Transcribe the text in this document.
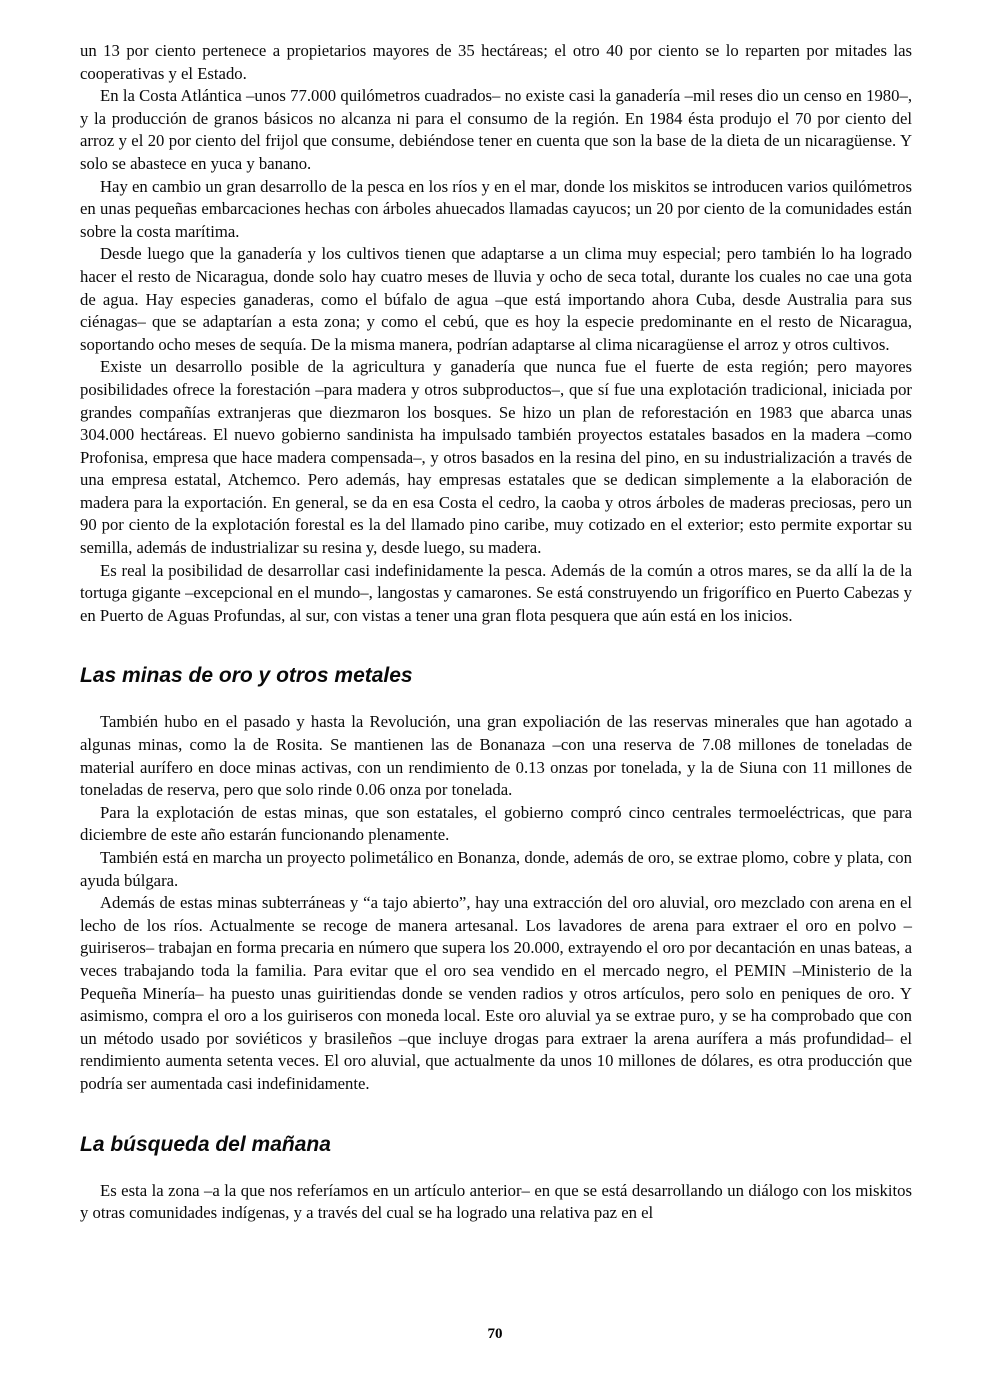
un 13 por ciento pertenece a propietarios mayores de 35 hectáreas; el otro 40 por ciento se lo reparten por mitades las cooperativas y el Estado.

En la Costa Atlántica –unos 77.000 quilómetros cuadrados– no existe casi la ganadería –mil reses dio un censo en 1980–, y la producción de granos básicos no alcanza ni para el consumo de la región. En 1984 ésta produjo el 70 por ciento del arroz y el 20 por ciento del frijol que consume, debiéndose tener en cuenta que son la base de la dieta de un nicaragüense. Y solo se abastece en yuca y banano.

Hay en cambio un gran desarrollo de la pesca en los ríos y en el mar, donde los miskitos se introducen varios quilómetros en unas pequeñas embarcaciones hechas con árboles ahuecados llamadas cayucos; un 20 por ciento de la comunidades están sobre la costa marítima.

Desde luego que la ganadería y los cultivos tienen que adaptarse a un clima muy especial; pero también lo ha logrado hacer el resto de Nicaragua, donde solo hay cuatro meses de lluvia y ocho de seca total, durante los cuales no cae una gota de agua. Hay especies ganaderas, como el búfalo de agua –que está importando ahora Cuba, desde Australia para sus ciénagas– que se adaptarían a esta zona; y como el cebú, que es hoy la especie predominante en el resto de Nicaragua, soportando ocho meses de sequía. De la misma manera, podrían adaptarse al clima nicaragüense el arroz y otros cultivos.

Existe un desarrollo posible de la agricultura y ganadería que nunca fue el fuerte de esta región; pero mayores posibilidades ofrece la forestación –para madera y otros subproductos–, que sí fue una explotación tradicional, iniciada por grandes compañías extranjeras que diezmaron los bosques. Se hizo un plan de reforestación en 1983 que abarca unas 304.000 hectáreas. El nuevo gobierno sandinista ha impulsado también proyectos estatales basados en la madera –como Profonisa, empresa que hace madera compensada–, y otros basados en la resina del pino, en su industrialización a través de una empresa estatal, Atchemco. Pero además, hay empresas estatales que se dedican simplemente a la elaboración de madera para la exportación. En general, se da en esa Costa el cedro, la caoba y otros árboles de maderas preciosas, pero un 90 por ciento de la explotación forestal es la del llamado pino caribe, muy cotizado en el exterior; esto permite exportar su semilla, además de industrializar su resina y, desde luego, su madera.

Es real la posibilidad de desarrollar casi indefinidamente la pesca. Además de la común a otros mares, se da allí la de la tortuga gigante –excepcional en el mundo–, langostas y camarones. Se está construyendo un frigorífico en Puerto Cabezas y en Puerto de Aguas Profundas, al sur, con vistas a tener una gran flota pesquera que aún está en los inicios.

Las minas de oro y otros metales

También hubo en el pasado y hasta la Revolución, una gran expoliación de las reservas minerales que han agotado a algunas minas, como la de Rosita. Se mantienen las de Bonanaza –con una reserva de 7.08 millones de toneladas de material aurífero en doce minas activas, con un rendimiento de 0.13 onzas por tonelada, y la de Siuna con 11 millones de toneladas de reserva, pero que solo rinde 0.06 onza por tonelada.

Para la explotación de estas minas, que son estatales, el gobierno compró cinco centrales termoeléctricas, que para diciembre de este año estarán funcionando plenamente.

También está en marcha un proyecto polimetálico en Bonanza, donde, además de oro, se extrae plomo, cobre y plata, con ayuda búlgara.

Además de estas minas subterráneas y “a tajo abierto”, hay una extracción del oro aluvial, oro mezclado con arena en el lecho de los ríos. Actualmente se recoge de manera artesanal. Los lavadores de arena para extraer el oro en polvo –guiriseros– trabajan en forma precaria en número que supera los 20.000, extrayendo el oro por decantación en unas bateas, a veces trabajando toda la familia. Para evitar que el oro sea vendido en el mercado negro, el PEMIN –Ministerio de la Pequeña Minería– ha puesto unas guiritiendas donde se venden radios y otros artículos, pero solo en peniques de oro. Y asimismo, compra el oro a los guiriseros con moneda local. Este oro aluvial ya se extrae puro, y se ha comprobado que con un método usado por soviéticos y brasileños –que incluye drogas para extraer la arena aurífera a más profundidad– el rendimiento aumenta setenta veces. El oro aluvial, que actualmente da unos 10 millones de dólares, es otra producción que podría ser aumentada casi indefinidamente.

La búsqueda del mañana

Es esta la zona –a la que nos referíamos en un artículo anterior– en que se está desarrollando un diálogo con los miskitos y otras comunidades indígenas, y a través del cual se ha logrado una relativa paz en el

70
